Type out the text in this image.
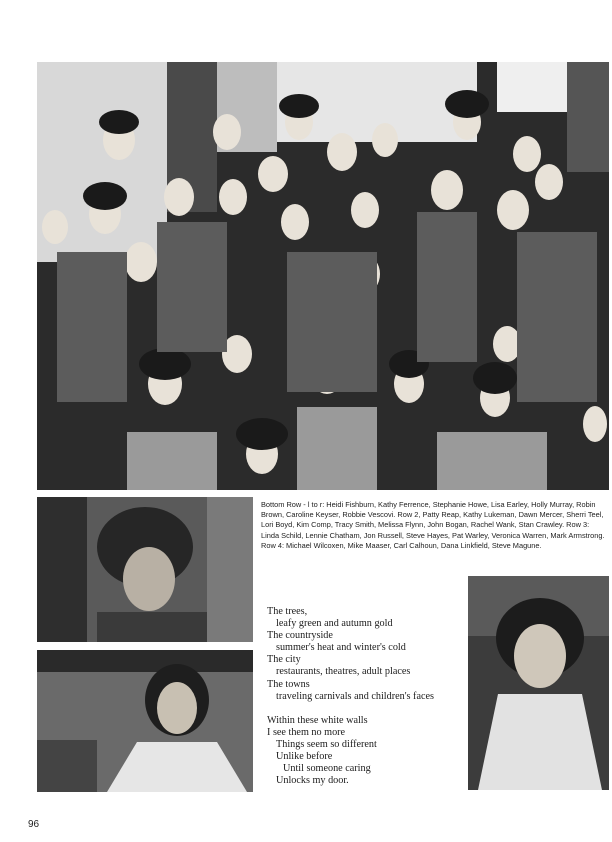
Bottom Row - l to r: Heidi Fishburn, Kathy Ferrence, Stephanie Howe, Lisa Earley, Holly Murray, Robin Brown, Caroline Keyser, Robbie Vescovi. Row 2, Patty Reap, Kathy Lukeman, Dawn Mercer, Sherri Teel, Lori Boyd, Kim Comp, Tracy Smith, Melissa Flynn, John Bogan, Rachel Wank, Stan Crawley. Row 3: Linda Schild, Lennie Chatham, Jon Russell, Steve Hayes, Pat Warley, Veronica Warren, Mark Armstrong. Row 4: Michael Wilcoxen, Mike Maaser, Carl Calhoun, Dana Linkfield, Steve Magune.

The trees,
leafy green and autumn gold
The countryside
summer's heat and winter's cold
The city
restaurants, theatres, adult places
The towns
traveling carnivals and children's faces
Within these white walls
I see them no more
Things seem so different
Unlike before
Until someone caring
Unlocks my door.
96
